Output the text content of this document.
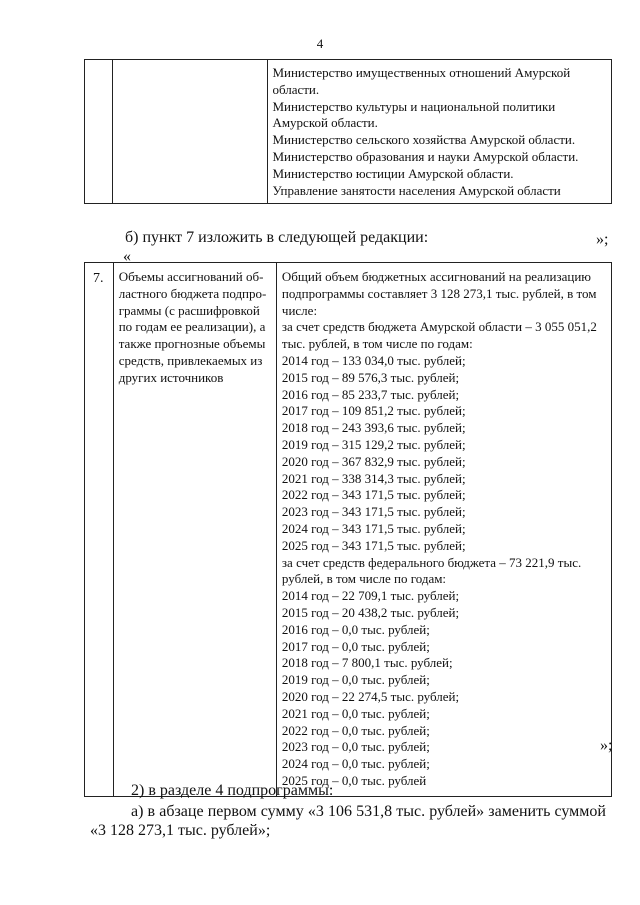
4

Министерство имущественных отношений Амурской
области.
Министерство культуры и национальной политики
Амурской области.
Министерство сельского хозяйства Амурской области.
Министерство образования и науки Амурской области.
Министерство юстиции Амурской области.
Управление занятости населения Амурской области
»;
б) пункт 7 изложить в следующей редакции:
«
7.	Объемы ассигнований об-
ластного бюджета подпро-
граммы (с расшифровкой
по годам ее реализации), а
также прогнозные объемы
средств, привлекаемых из
других источников

Общий объем бюджетных ассигнований на реализацию
подпрограммы составляет 3 128 273,1 тыс. рублей, в том
числе:
за счет средств бюджета Амурской области – 3 055 051,2
тыс. рублей, в том числе по годам:
2014 год – 133 034,0 тыс. рублей;
2015 год – 89 576,3 тыс. рублей;
2016 год – 85 233,7 тыс. рублей;
2017 год – 109 851,2 тыс. рублей;
2018 год – 243 393,6 тыс. рублей;
2019 год – 315 129,2 тыс. рублей;
2020 год – 367 832,9 тыс. рублей;
2021 год – 338 314,3 тыс. рублей;
2022 год – 343 171,5 тыс. рублей;
2023 год – 343 171,5 тыс. рублей;
2024 год – 343 171,5 тыс. рублей;
2025 год – 343 171,5 тыс. рублей;
за счет средств федерального бюджета – 73 221,9 тыс.
рублей, в том числе по годам:
2014 год – 22 709,1 тыс. рублей;
2015 год – 20 438,2 тыс. рублей;
2016 год – 0,0 тыс. рублей;
2017 год – 0,0 тыс. рублей;
2018 год – 7 800,1 тыс. рублей;
2019 год – 0,0 тыс. рублей;
2020 год – 22 274,5 тыс. рублей;
2021 год – 0,0 тыс. рублей;
2022 год – 0,0 тыс. рублей;
2023 год – 0,0 тыс. рублей;
2024 год – 0,0 тыс. рублей;
2025 год – 0,0 тыс. рублей
»;
2) в разделе 4 подпрограммы:
а) в абзаце первом сумму «3 106 531,8 тыс. рублей» заменить суммой
«3 128 273,1 тыс. рублей»;
